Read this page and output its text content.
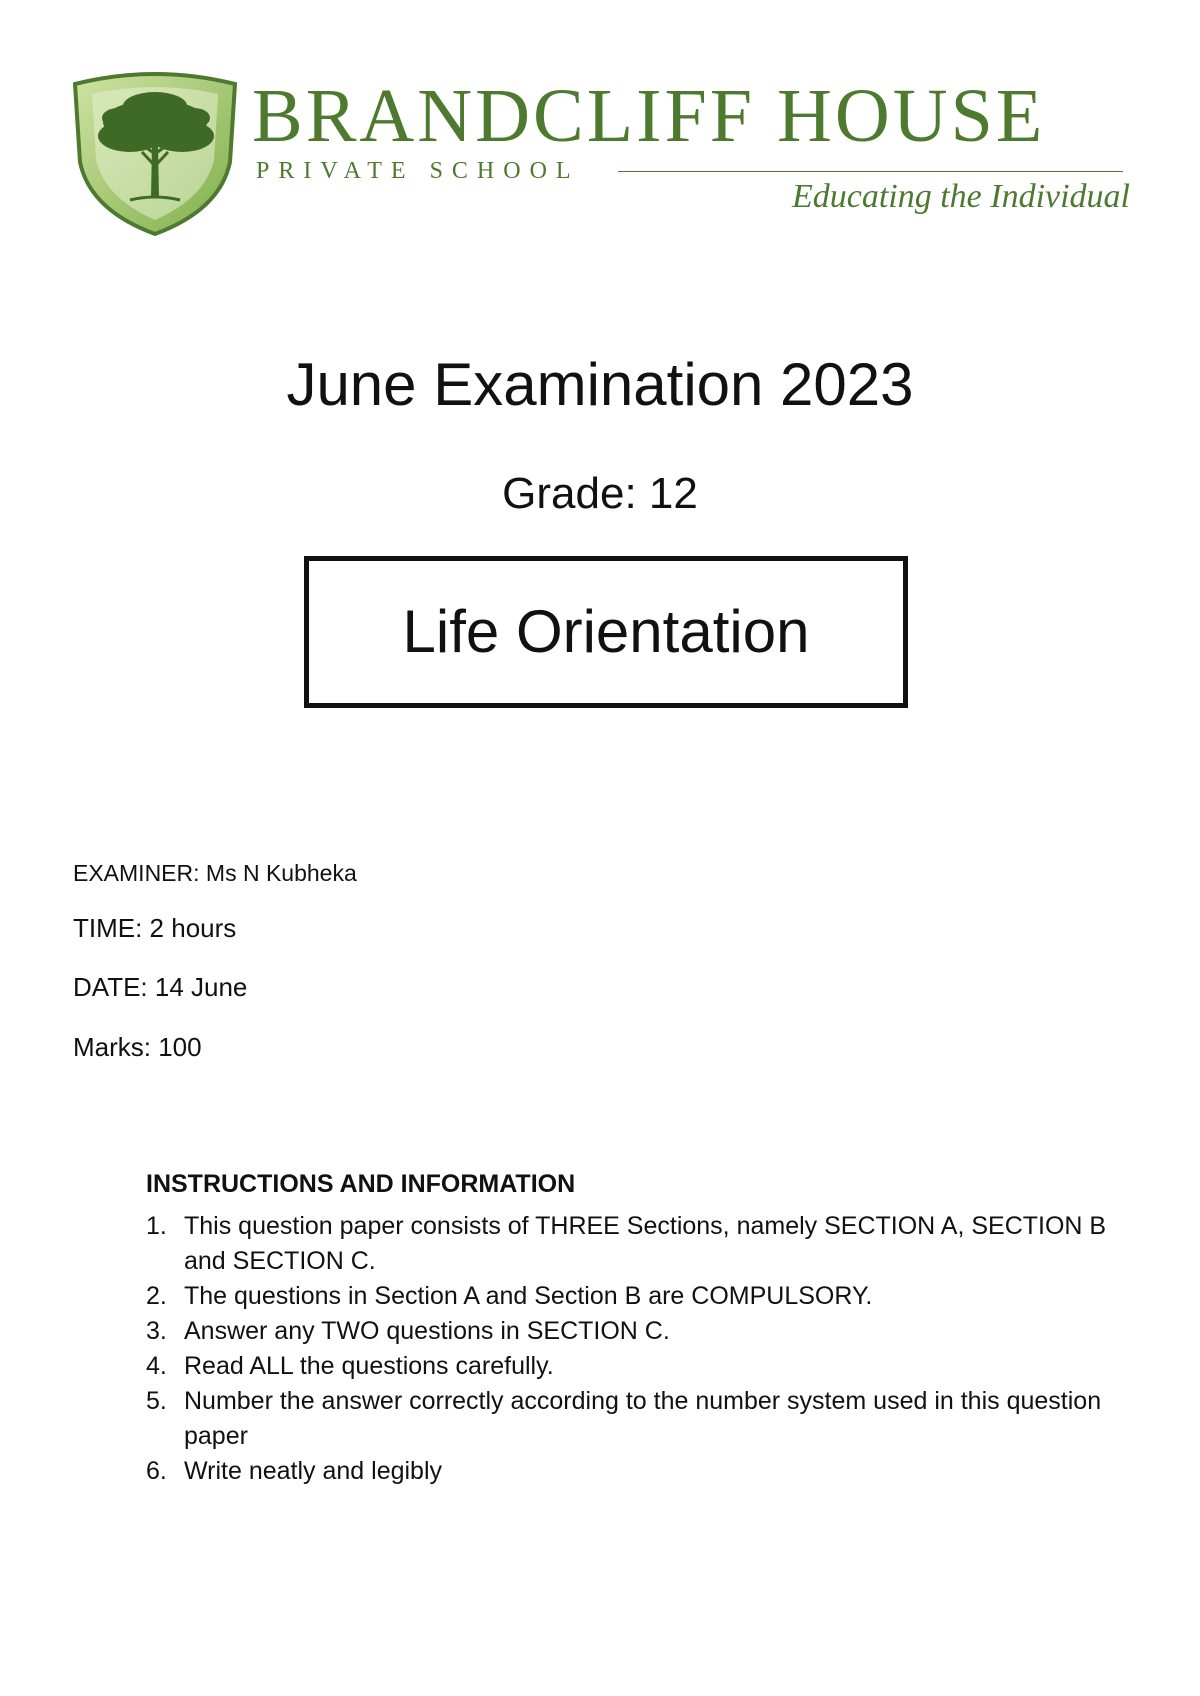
BRANDCLIFF HOUSE
PRIVATE SCHOOL
Educating the Individual
June Examination 2023
Grade: 12
Life Orientation
EXAMINER: Ms N Kubheka
TIME: 2 hours
DATE: 14 June
Marks: 100
INSTRUCTIONS AND INFORMATION
1. This question paper consists of THREE Sections, namely SECTION A, SECTION B and SECTION C.
2. The questions in Section A and Section B are COMPULSORY.
3. Answer any TWO questions in SECTION C.
4. Read ALL the questions carefully.
5. Number the answer correctly according to the number system used in this question paper
6. Write neatly and legibly
